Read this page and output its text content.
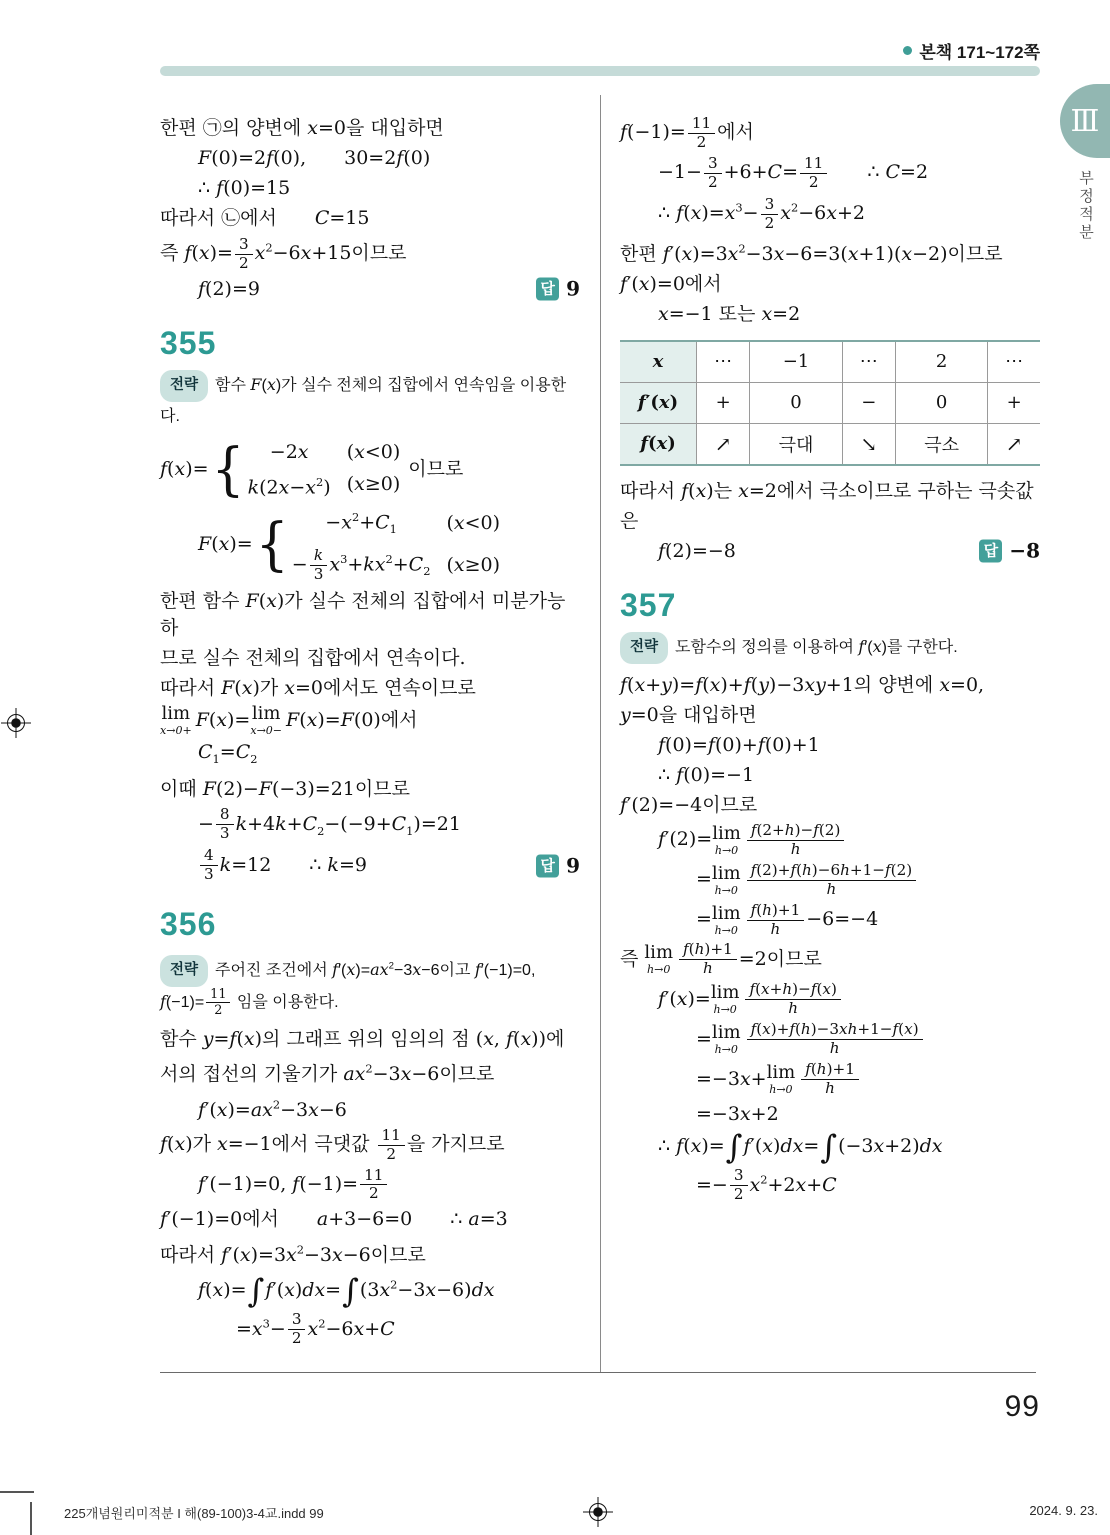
본책 171~172쪽
Ⅲ
부정적분
한편 ㉠의 양변에 x=0을 대입하면
F(0)=2f(0),  30=2f(0)
∴ f(0)=15
따라서 ㉡에서  C=15
즉 $f(x)= \frac{3}{2} x^2-6x+15$이므로
f(2)=9	답 9
355
전략 함수 F(x)가 실수 전체의 집합에서 연속임을 이용한다.
f(x)= {	−2x	(x<0)
$k(2x-x^2)$ (x≥0)
이므로
F(x)= {	$-x^2+C_1$	(x<0)
− $\frac{k}{3} x^3+kx^2+C_2$ (x≥0)
한편 함수 F(x)가 실수 전체의 집합에서 미분가능하
므로 실수 전체의 집합에서 연속이다.
따라서 F(x)가 x=0에서도 연속이므로
lim
x→0+
F(x)= lim
x→0−
F(x)=F(0)에서
$C_1=C_2$
이때 F(2)−F(−3)=21이므로
− $\frac{8}{3} k+4k+C_2-(-9+C_1)=21$
$\frac{4}{3} k=12$  ∴ k=9	답 9
356
전략 주어진 조건에서 $f'(x)=ax^2-3x-6$이고 f′(−1)=0, $f(-1)= \frac{11}{2}$ 임을 이용한다.
함수 y=f(x)의 그래프 위의 임의의 점 (x, f(x))에
서의 접선의 기울기가 $ax^2-3x-6$이므로
$f'(x)=ax^2-3x-6$
f(x)가 x=−1에서 극댓값 $\frac{11}{2}$ 을 가지므로
f′(−1)=0, $f(-1)= \frac{11}{2}$
f′(−1)=0에서  a+3−6=0  ∴ a=3
따라서 $f'(x)=3x^2-3x-6$이므로
$f(x)=\int f'(x)dx=\int(3x^2-3x-6)dx$
$=x^3- \frac{3}{2} x^2-6x+C$
$f(-1)= \frac{11}{2}$ 에서
$-1- \frac{3}{2} +6+C= \frac{11}{2}$   ∴ C=2
∴ $f(x)=x^3- \frac{3}{2} x^2-6x+2$
한편 $f'(x)=3x^2-3x-6=3(x+1)(x-2)$이므로
f′(x)=0에서
x=−1 또는 x=2
x	⋯	−1	⋯	2	⋯
f′(x)	+	0	−	0	+
f(x)	↗	극대	↘	극소	↗
따라서 f(x)는 x=2에서 극소이므로 구하는 극솟값
은
f(2)=−8	답 −8
357
전략 도함수의 정의를 이용하여 f′(x)를 구한다.
f(x+y)=f(x)+f(y)−3xy+1의 양변에 x=0,
y=0을 대입하면
f(0)=f(0)+f(0)+1
∴ f(0)=−1
f′(2)=−4이므로
f′(2)= lim
$h\to 0 \frac{f(2+h)-f(2)}{h}$
= lim
$h\to 0 \frac{f(2)+f(h)-6h+1-f(2)}{h}$
= lim
$h\to 0 \frac{f(h)+1}{h} -6=-4$
즉 lim
$h\to 0 \frac{f(h)+1}{h} =2$이므로
f′(x)= lim
$h\to 0 \frac{f(x+h)-f(x)}{h}$
= lim
$h\to 0 \frac{f(x)+f(h)-3xh+1-f(x)}{h}$
=−3x+ lim
$h\to 0 \frac{f(h)+1}{h}$
=−3x+2
∴ f(x)=∫f′(x)dx=∫(−3x+2)dx
=− $\frac{3}{2} x^2+2x+C$
99
225개념원리미적분 I 해(89-100)3-4교.indd 99	2024. 9. 23.
